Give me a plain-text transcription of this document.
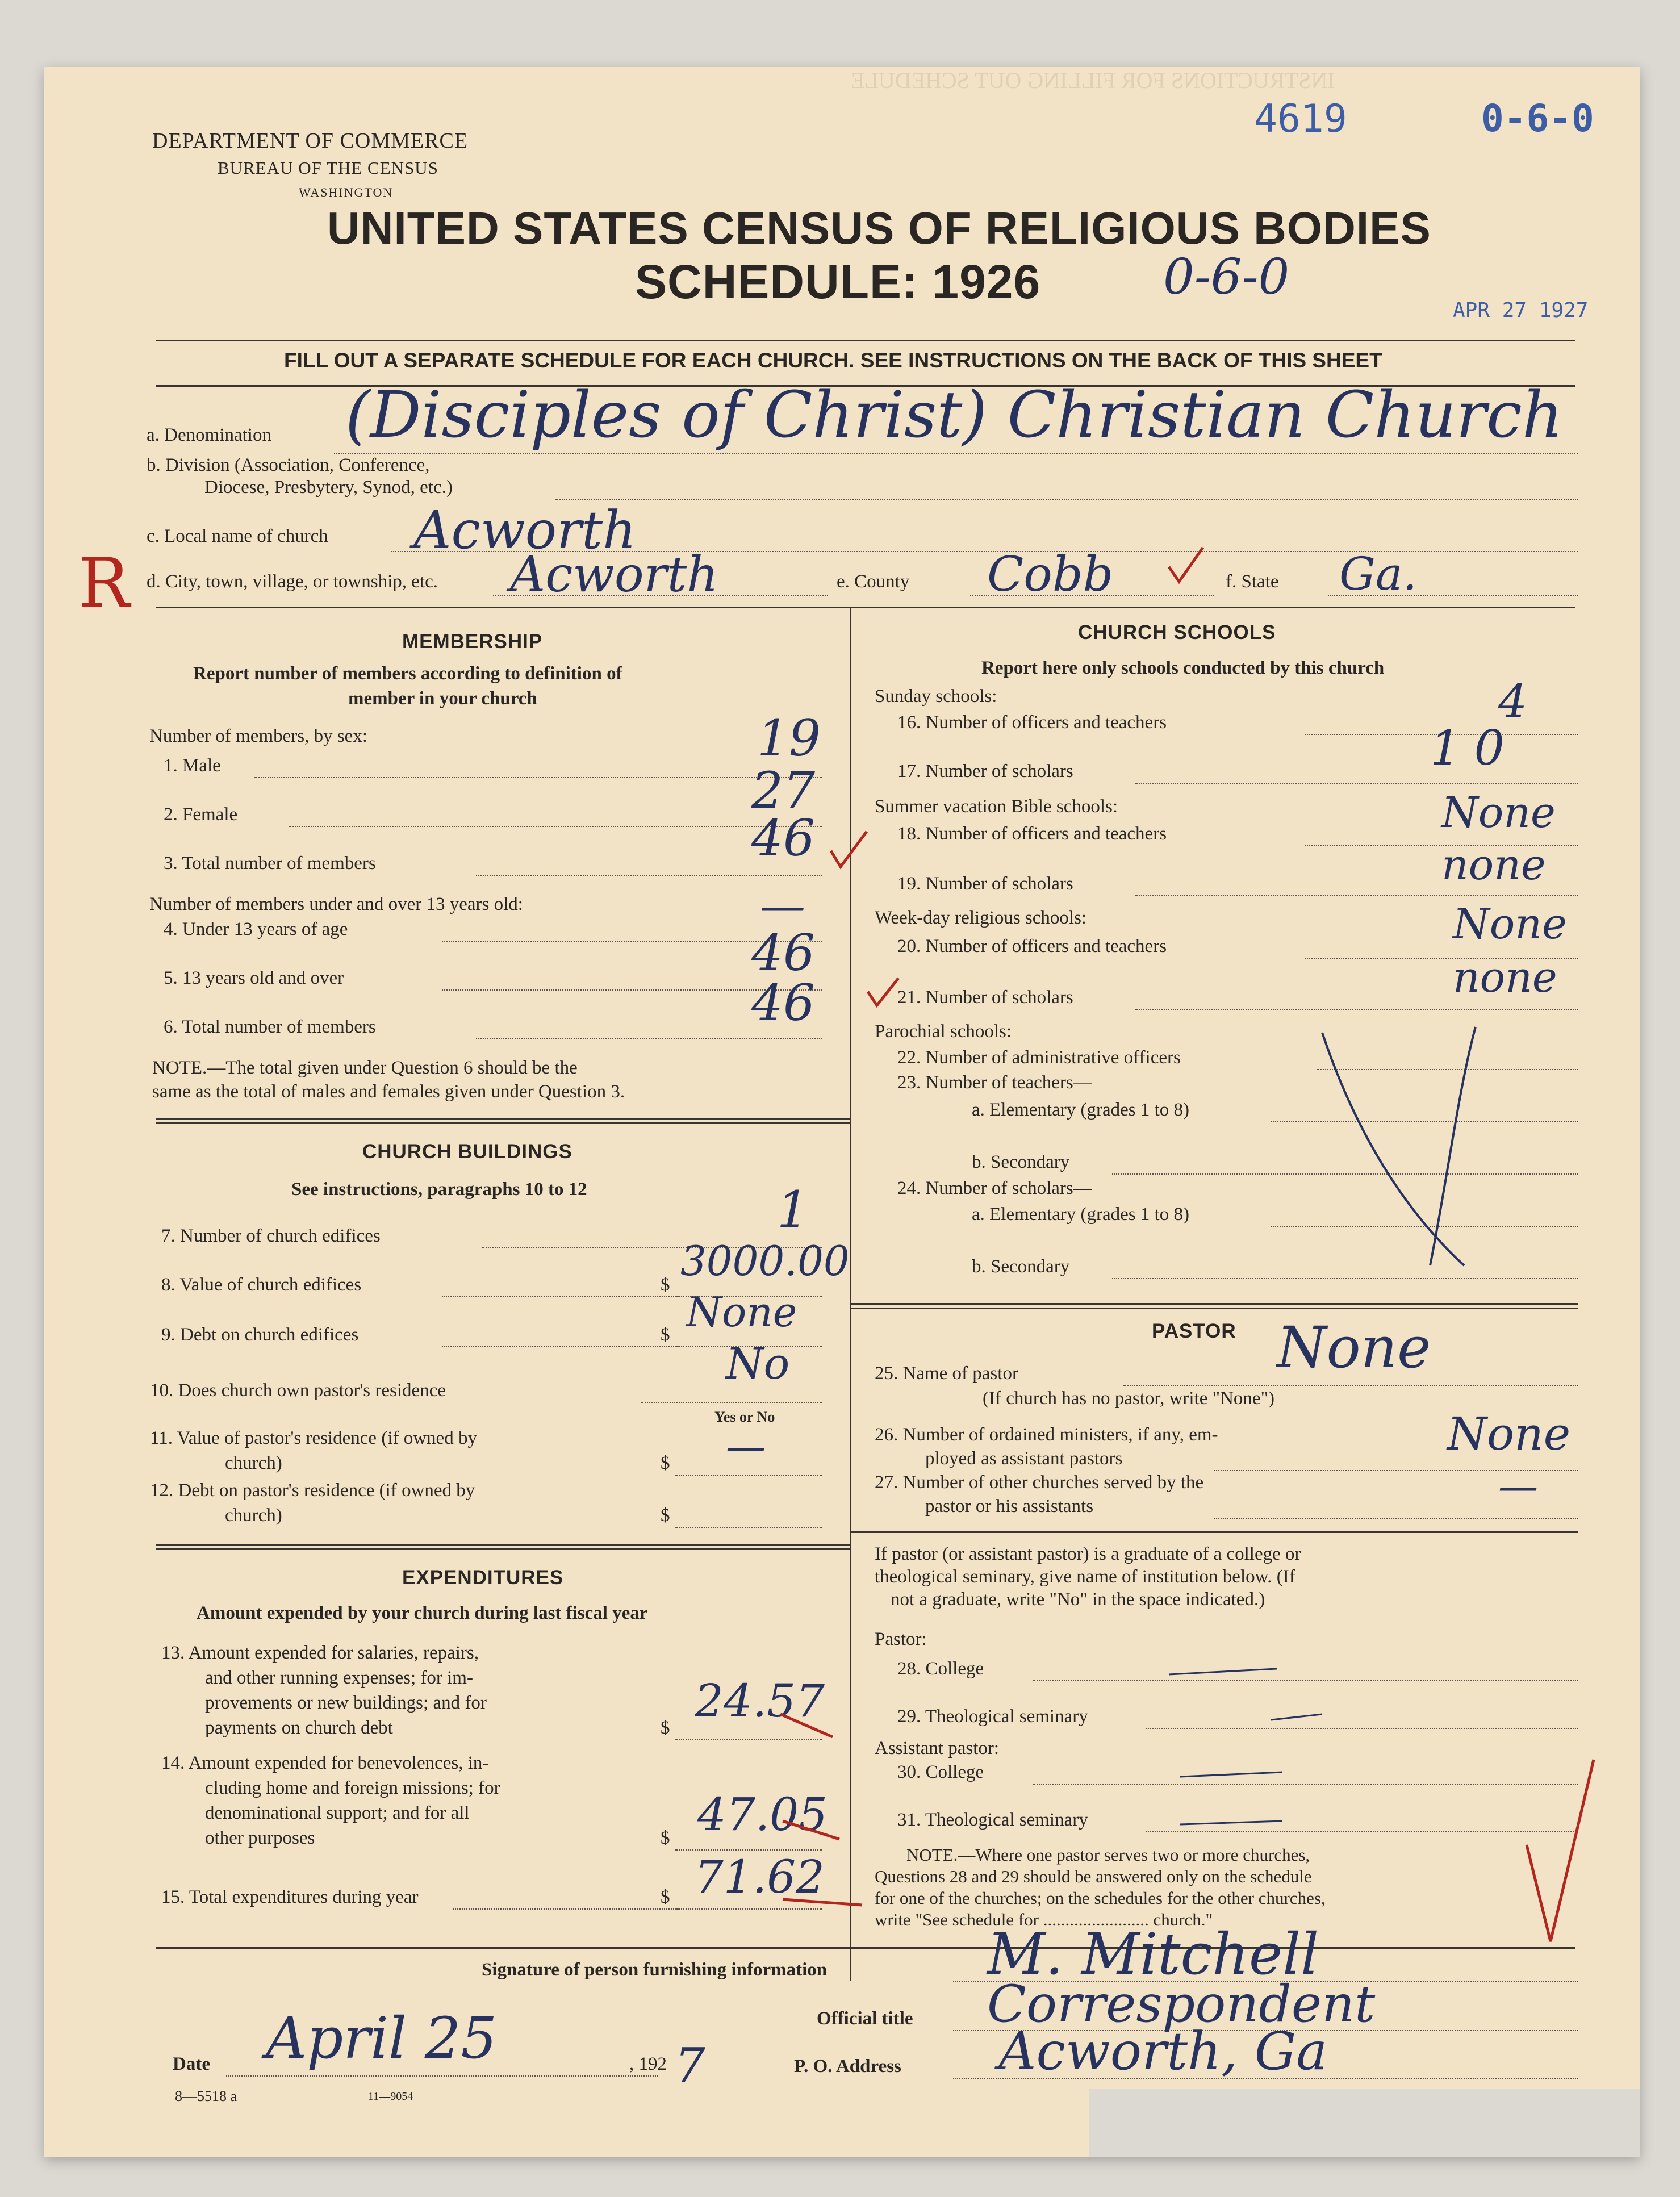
INSTRUCTIONS FOR FILLING OUT SCHEDULE
DEPARTMENT OF COMMERCE
BUREAU OF THE CENSUS
WASHINGTON
UNITED STATES CENSUS OF RELIGIOUS BODIES
SCHEDULE: 1926
4619	0-6-0
0-6-0
APR 27 1927
FILL OUT A SEPARATE SCHEDULE FOR EACH CHURCH. SEE INSTRUCTIONS ON THE BACK OF THIS SHEET
a. Denomination (Disciples of Christ) Christian Church
b. Division (Association, Conference,
Diocese, Presbytery, Synod, etc.)
c. Local name of church Acworth
R d. City, town, village, or township, etc. Acworth	e. County Cobb	f. State Ga.
MEMBERSHIP
Report number of members according to definition of
member in your church
Number of members, by sex:
1. Male	19
2. Female	27
3. Total number of members	46
Number of members under and over 13 years old:
4. Under 13 years of age	—
5. 13 years old and over	46
6. Total number of members	46
NOTE.—The total given under Question 6 should be the
same as the total of males and females given under Question 3.
CHURCH BUILDINGS
See instructions, paragraphs 10 to 12
7. Number of church edifices	1
8. Value of church edifices	$ 3000.00
9. Debt on church edifices	$ None
10. Does church own pastor's residence
No
Yes or No
11. Value of pastor's residence (if owned by
church)	$ —
12. Debt on pastor's residence (if owned by
church)	$
EXPENDITURES
Amount expended by your church during last fiscal year
13. Amount expended for salaries, repairs,
and other running expenses; for im-
provements or new buildings; and for
payments on church debt	$
24.57
14. Amount expended for benevolences, in-
cluding home and foreign missions; for
denominational support; and for all
other purposes	$ 47.05
15. Total expenditures during year	$ 71.62
CHURCH SCHOOLS
Report here only schools conducted by this church
Sunday schools:
16. Number of officers and teachers	4
17. Number of scholars	10
Summer vacation Bible schools:
18. Number of officers and teachers	None
19. Number of scholars	none
Week-day religious schools:
20. Number of officers and teachers	None
21. Number of scholars	none
Parochial schools:
22. Number of administrative officers
23. Number of teachers—
a. Elementary (grades 1 to 8)
b. Secondary
24. Number of scholars—
a. Elementary (grades 1 to 8)
b. Secondary
PASTOR
25. Name of pastor	None
(If church has no pastor, write "None")
26. Number of ordained ministers, if any, em-
ployed as assistant pastors	None
27. Number of other churches served by the
pastor or his assistants	—
If pastor (or assistant pastor) is a graduate of a college or
theological seminary, give name of institution below. (If
not a graduate, write "No" in the space indicated.)
Pastor:
28. College
29. Theological seminary
Assistant pastor:
30. College
31. Theological seminary
NOTE.—Where one pastor serves two or more churches,
Questions 28 and 29 should be answered only on the schedule
for one of the churches; on the schedules for the other churches,
write "See schedule for ........................ church."
Signature of person furnishing information	M. Mitchell
Official title Correspondent
Date April 25	, 192 7	P. O. Address Acworth, Ga
8—5518 a	11—9054
